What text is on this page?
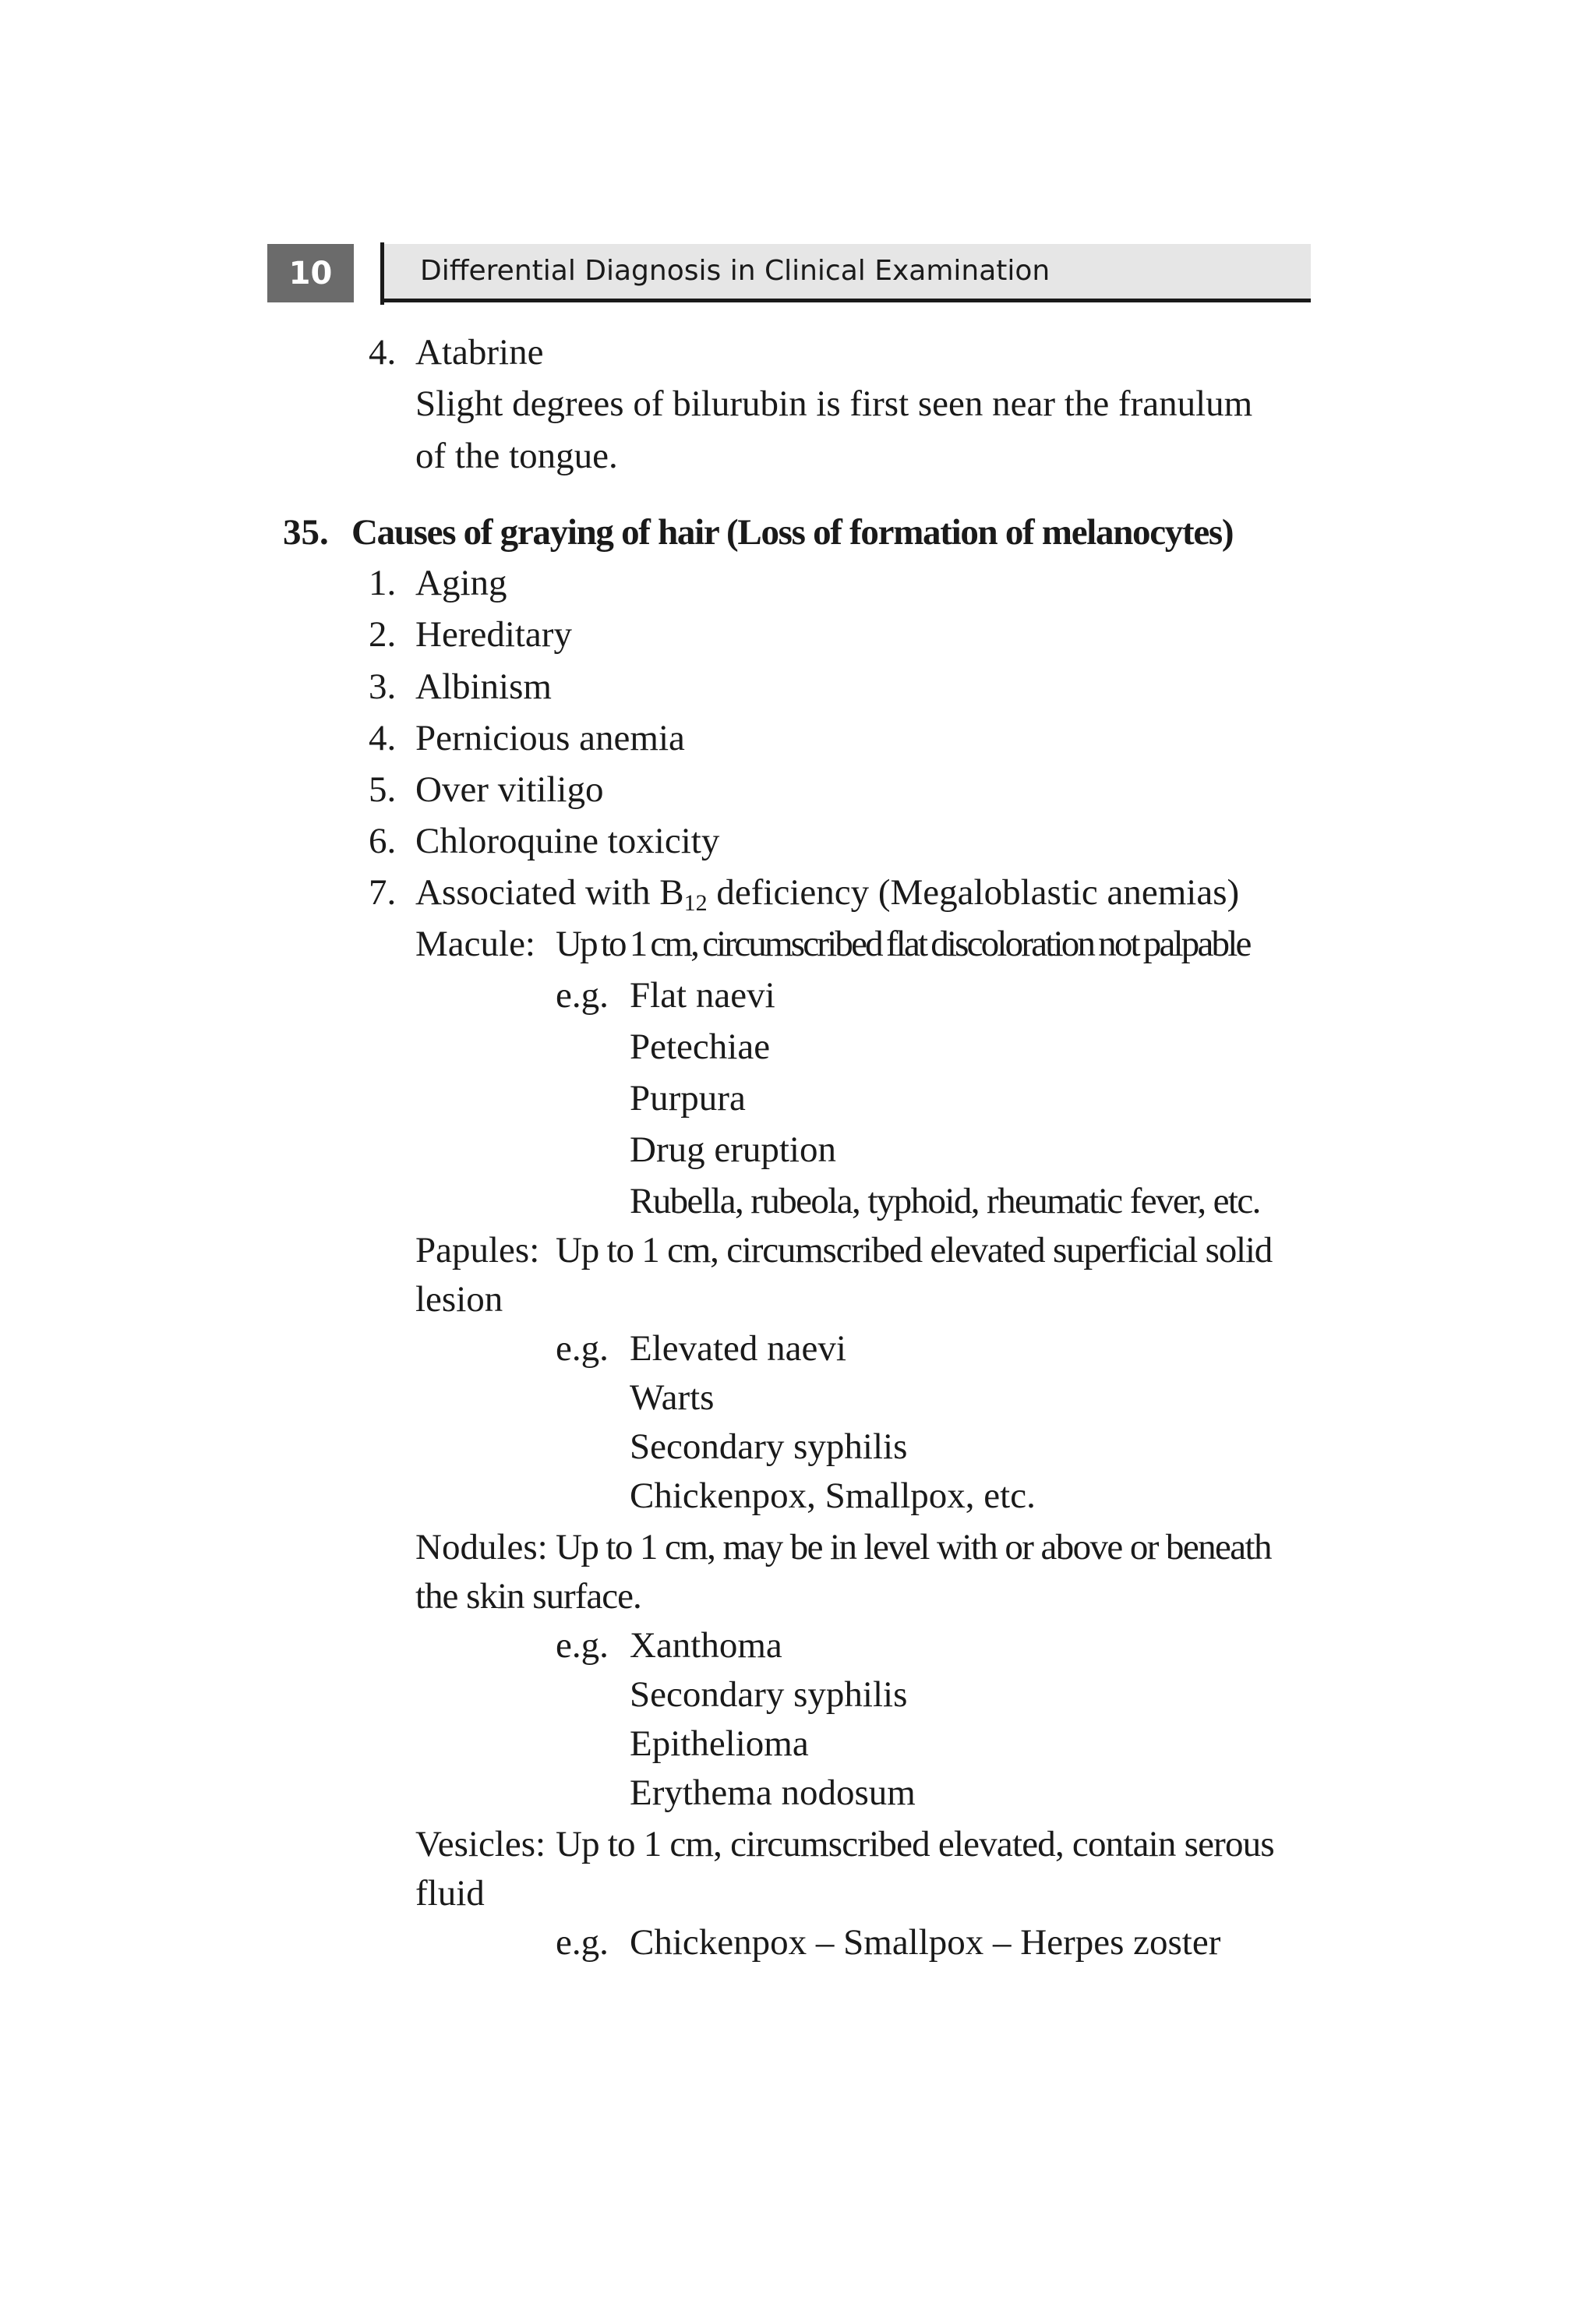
10	Differential Diagnosis in Clinical Examination
4. Atabrine
Slight degrees of bilurubin is first seen near the franulum
of the tongue.
35. Causes of graying of hair (Loss of formation of melanocytes)
1. Aging
2. Hereditary
3. Albinism
4. Pernicious anemia
5. Over vitiligo
6. Chloroquine toxicity
7. Associated with $B_{12}$ deficiency (Megaloblastic anemias)
Macule: Up to 1 cm, circumscribed flat discoloration not palpable
e.g. Flat naevi
Petechiae
Purpura
Drug eruption
Rubella, rubeola, typhoid, rheumatic fever, etc.
Papules: Up to 1 cm, circumscribed elevated superficial solid
lesion
e.g. Elevated naevi
Warts
Secondary syphilis
Chickenpox, Smallpox, etc.
Nodules: Up to 1 cm, may be in level with or above or beneath
the skin surface.
e.g. Xanthoma
Secondary syphilis
Epithelioma
Erythema nodosum
Vesicles: Up to 1 cm, circumscribed elevated, contain serous
fluid
e.g. Chickenpox – Smallpox – Herpes zoster
